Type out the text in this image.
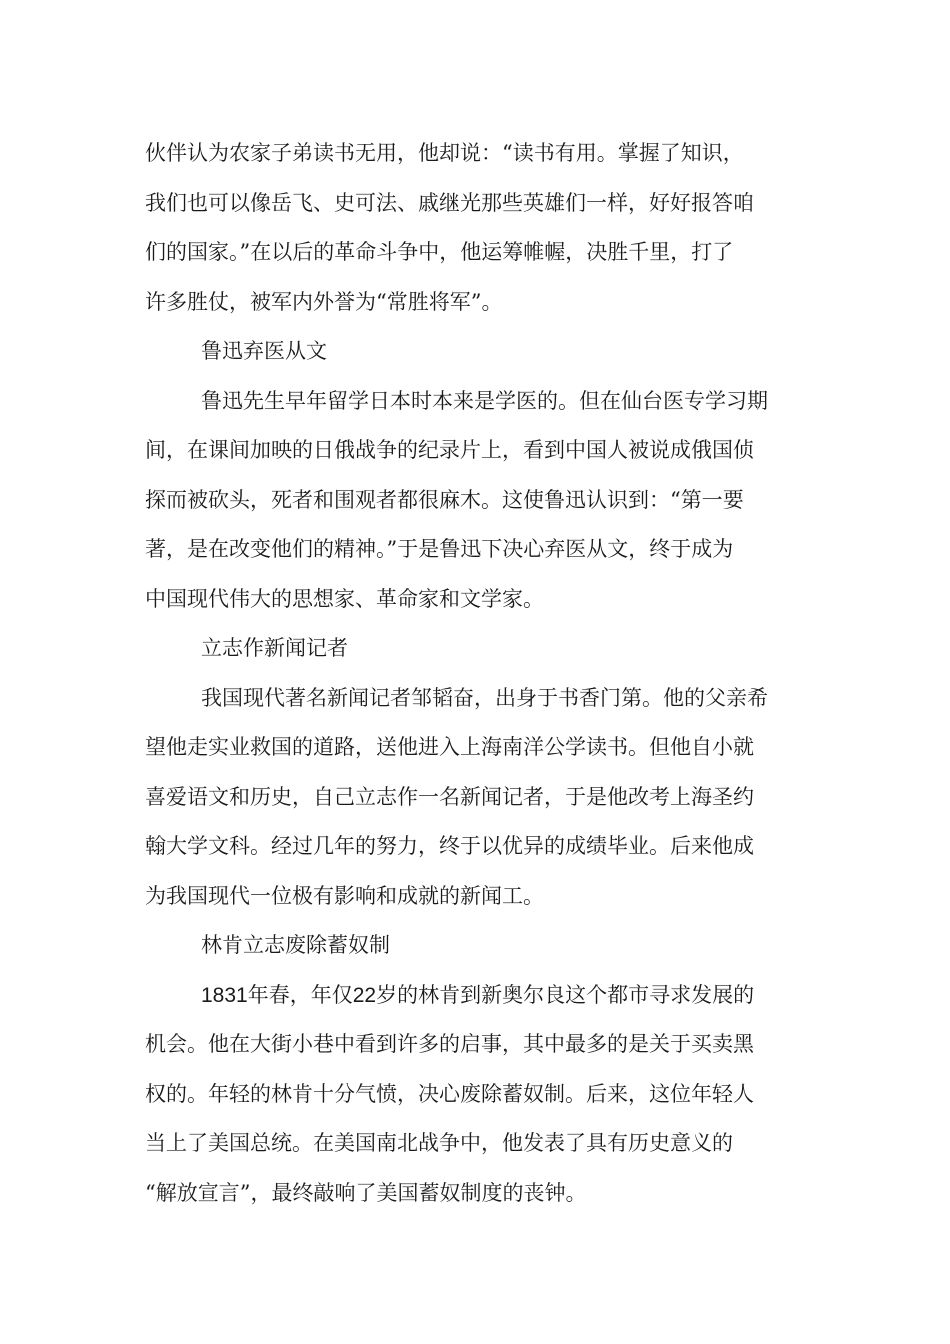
伙伴认为农家子弟读书无用，他却说：“读书有用。掌握了知识，
我们也可以像岳飞、史可法、戚继光那些英雄们一样，好好报答咱
们的国家。”在以后的革命斗争中，他运筹帷幄，决胜千里，打了
许多胜仗，被军内外誉为“常胜将军”。
鲁迅弃医从文
鲁迅先生早年留学日本时本来是学医的。但在仙台医专学习期
间，在课间加映的日俄战争的纪录片上，看到中国人被说成俄国侦
探而被砍头，死者和围观者都很麻木。这使鲁迅认识到：“第一要
著，是在改变他们的精神。”于是鲁迅下决心弃医从文，终于成为
中国现代伟大的思想家、革命家和文学家。
立志作新闻记者
我国现代著名新闻记者邹韬奋，出身于书香门第。他的父亲希
望他走实业救国的道路，送他进入上海南洋公学读书。但他自小就
喜爱语文和历史，自己立志作一名新闻记者，于是他改考上海圣约
翰大学文科。经过几年的努力，终于以优异的成绩毕业。后来他成
为我国现代一位极有影响和成就的新闻工。
林肯立志废除蓄奴制
1831年春，年仅22岁的林肯到新奥尔良这个都市寻求发展的
机会。他在大街小巷中看到许多的启事，其中最多的是关于买卖黑
权的。年轻的林肯十分气愤，决心废除蓄奴制。后来，这位年轻人
当上了美国总统。在美国南北战争中，他发表了具有历史意义的
“解放宣言”，最终敲响了美国蓄奴制度的丧钟。
